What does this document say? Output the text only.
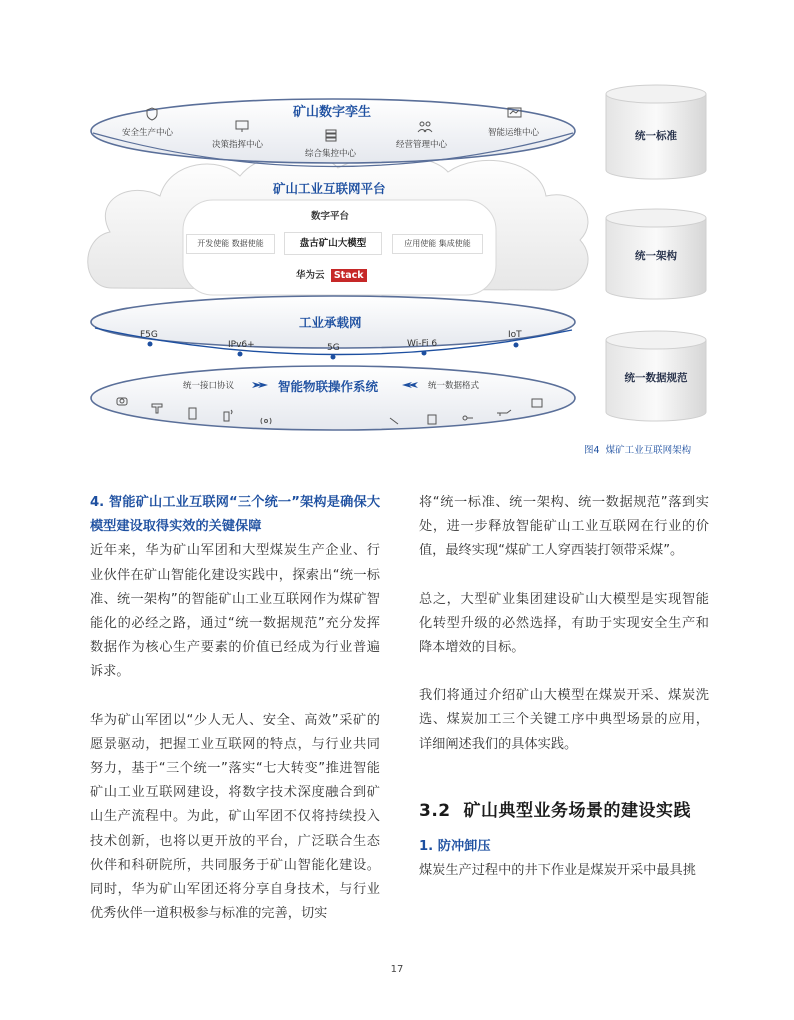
矿山数字孪生
安全生产中心
决策指挥中心
综合集控中心
经营管理中心
智能运维中心
矿山工业互联网平台
数字平台
开发使能 数据使能	盘古矿山大模型	应用使能 集成使能
华为云 Stack
工业承载网
F5G
IPv6+	5G	Wi-Fi 6
IoT
统一接口协议	智能物联操作系统	统一数据格式
统一标准
统一架构
统一数据规范
图4  煤矿工业互联网架构

4. 智能矿山工业互联网“三个统一”架构是确保大模型建设取得实效的关键保障

近年来，华为矿山军团和大型煤炭生产企业、行业伙伴在矿山智能化建设实践中，探索出“统一标准、统一架构”的智能矿山工业互联网作为煤矿智能化的必经之路，通过“统一数据规范”充分发挥数据作为核心生产要素的价值已经成为行业普遍诉求。

华为矿山军团以“少人无人、安全、高效”采矿的愿景驱动，把握工业互联网的特点，与行业共同努力，基于“三个统一”落实“七大转变”推进智能矿山工业互联网建设，将数字技术深度融合到矿山生产流程中。为此，矿山军团不仅将持续投入技术创新，也将以更开放的平台，广泛联合生态伙伴和科研院所，共同服务于矿山智能化建设。同时，华为矿山军团还将分享自身技术，与行业优秀伙伴一道积极参与标准的完善，切实

将“统一标准、统一架构、统一数据规范”落到实处，进一步释放智能矿山工业互联网在行业的价值，最终实现“煤矿工人穿西装打领带采煤”。

总之，大型矿业集团建设矿山大模型是实现智能化转型升级的必然选择，有助于实现安全生产和降本增效的目标。

我们将通过介绍矿山大模型在煤炭开采、煤炭洗选、煤炭加工三个关键工序中典型场景的应用，详细阐述我们的具体实践。

3.2  矿山典型业务场景的建设实践

1. 防冲卸压

煤炭生产过程中的井下作业是煤炭开采中最具挑

17
